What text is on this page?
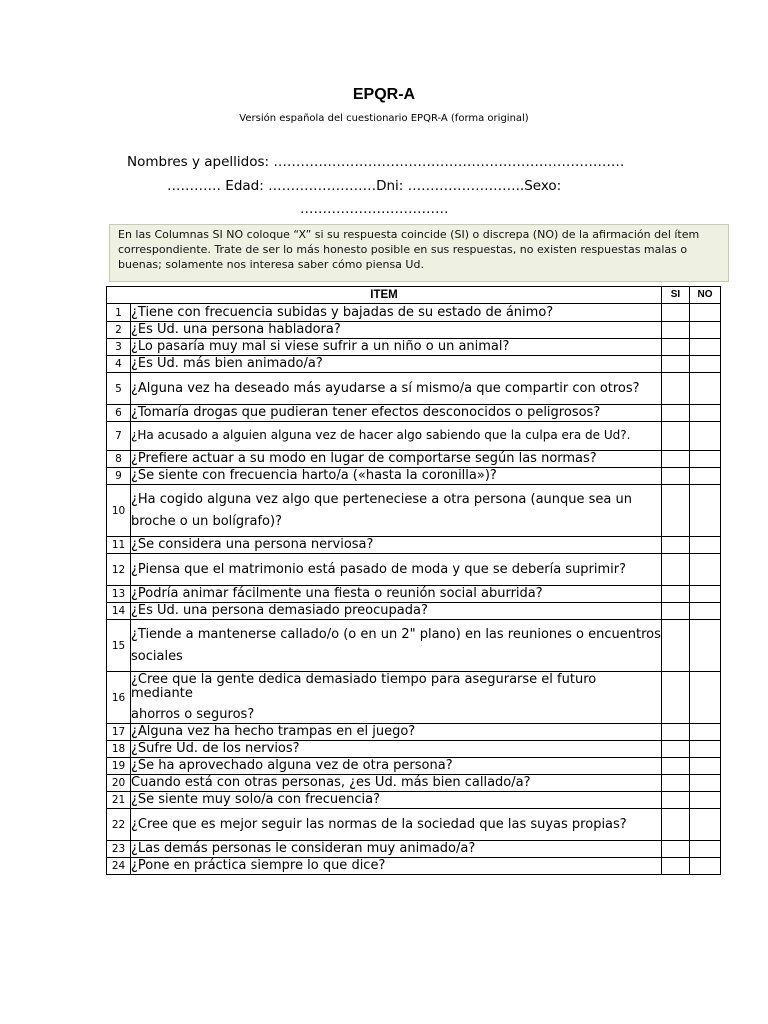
EPQR-A
Versión española del cuestionario EPQR-A (forma original)
Nombres y apellidos: ……………………………………………………………………
………… Edad: ……………………Dni: ……………………..Sexo:
……………………………
En las Columnas SI NO coloque “X” si su respuesta coincide (SI) o discrepa (NO) de la afirmación del ítem correspondiente. Trate de ser lo más honesto posible en sus respuestas, no existen respuestas malas o buenas; solamente nos interesa saber cómo piensa Ud.
ITEM		SI	NO
1	¿Tiene con frecuencia subidas y bajadas de su estado de ánimo?		
2	¿Es Ud. una persona habladora?		
3	¿Lo pasaría muy mal si viese sufrir a un niño o un animal?		
4	¿Es Ud. más bien animado/a?		
5	¿Alguna vez ha deseado más ayudarse a sí mismo/a que compartir con otros?		
6	¿Tomaría drogas que pudieran tener efectos desconocidos o peligrosos?		
7	¿Ha acusado a alguien alguna vez de hacer algo sabiendo que la culpa era de Ud?.		
8	¿Prefiere actuar a su modo en lugar de comportarse según las normas?		
9	¿Se siente con frecuencia harto/a («hasta la coronilla»)?		
10	¿Ha cogido alguna vez algo que perteneciese a otra persona (aunque sea un
broche o un bolígrafo)?		
11	¿Se considera una persona nerviosa?		
12	¿Piensa que el matrimonio está pasado de moda y que se debería suprimir?		
13	¿Podría animar fácilmente una fiesta o reunión social aburrida?		
14	¿Es Ud. una persona demasiado preocupada?		
15	¿Tiende a mantenerse callado/o (o en un 2" plano) en las reuniones o encuentros
sociales		
16	¿Cree que la gente dedica demasiado tiempo para asegurarse el futuro mediante
ahorros o seguros?		
17	¿Alguna vez ha hecho trampas en el juego?		
18	¿Sufre Ud. de los nervios?		
19	¿Se ha aprovechado alguna vez de otra persona?		
20	Cuando está con otras personas, ¿es Ud. más bien callado/a?		
21	¿Se siente muy solo/a con frecuencia?		
22	¿Cree que es mejor seguir las normas de la sociedad que las suyas propias?		
23	¿Las demás personas le consideran muy animado/a?		
24	¿Pone en práctica siempre lo que dice?		
